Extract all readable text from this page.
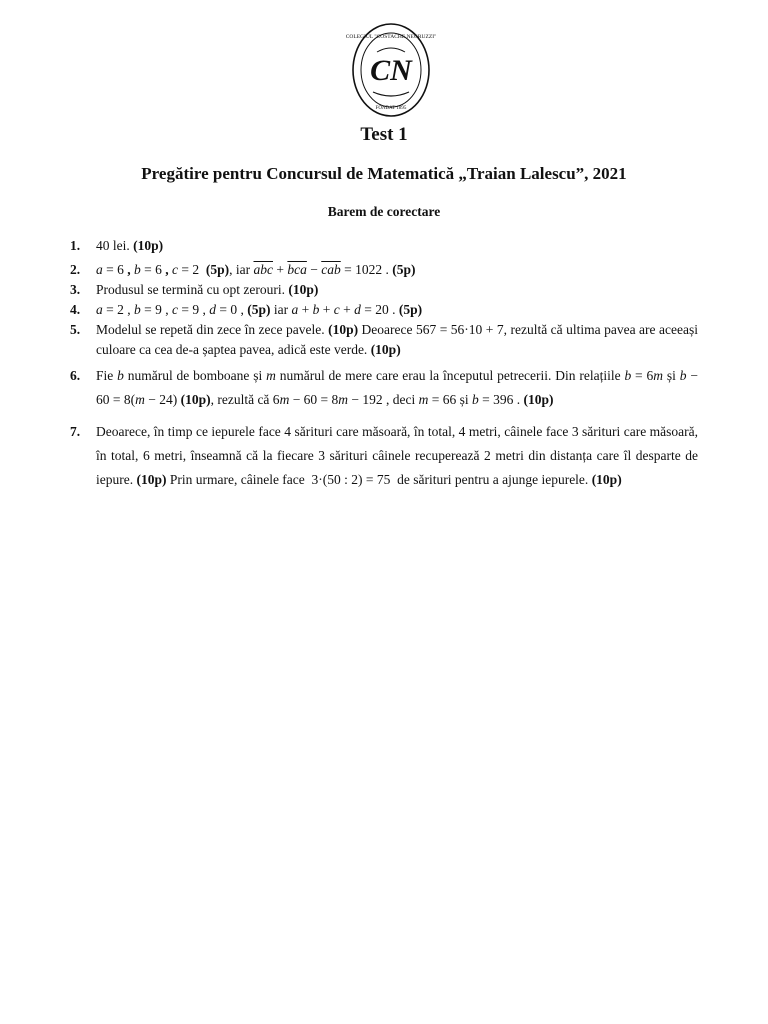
COLEGIUL "COSTACHE NEGRUZZI"
FONDAT 1895
CN
Test 1
Pregătire pentru Concursul de Matematică „Traian Lalescu”, 2021
Barem de corectare
1. 40 lei. (10p)
2. a = 6 , b = 6 , c = 2  (5p), iar $\overline{abc} + \overline{bca} - \overline{cab} = 1022$ . (5p)
3. Produsul se termină cu opt zerouri. (10p)
4. a = 2 , b = 9 , c = 9 , d = 0 , (5p) iar a + b + c + d = 20 . (5p)
5. Modelul se repetă din zece în zece pavele. (10p) Deoarece 567 = 56·10 + 7, rezultă că ultima pavea are aceeași culoare ca cea de-a șaptea pavea, adică este verde. (10p)
6. Fie b numărul de bomboane și m numărul de mere care erau la începutul petrecerii. Din relațiile b = 6m și b − 60 = 8(m − 24) (10p), rezultă că 6m − 60 = 8m − 192 , deci m = 66 și b = 396 . (10p)
7. Deoarece, în timp ce iepurele face 4 sărituri care măsoară, în total, 4 metri, câinele face 3 sărituri care măsoară, în total, 6 metri, înseamnă că la fiecare 3 sărituri câinele recuperează 2 metri din distanța care îl desparte de iepure. (10p) Prin urmare, câinele face  3·(50 : 2) = 75  de sărituri pentru a ajunge iepurele. (10p)
